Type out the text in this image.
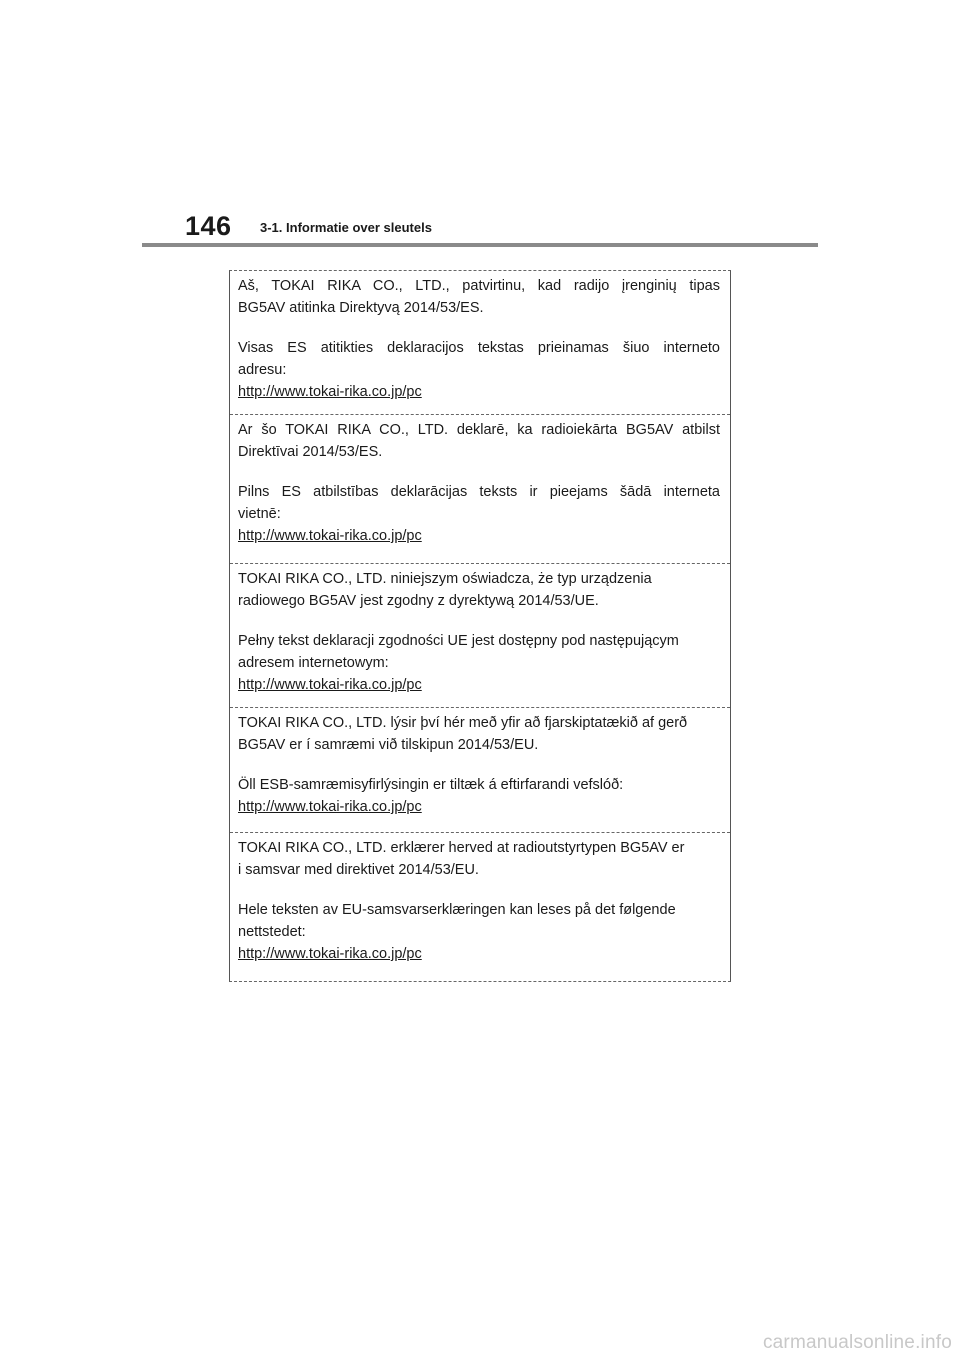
146 3-1. Informatie over sleutels

Aš, TOKAI RIKA CO., LTD., patvirtinu, kad radijo įrenginių tipas

BG5AV atitinka Direktyvą 2014/53/ES.

Visas ES atitikties deklaracijos tekstas prieinamas šiuo interneto

adresu:

http://www.tokai-rika.co.jp/pc

Ar šo TOKAI RIKA CO., LTD. deklarē, ka radioiekārta BG5AV atbilst

Direktīvai 2014/53/ES.

Pilns ES atbilstības deklarācijas teksts ir pieejams šādā interneta

vietnē:

http://www.tokai-rika.co.jp/pc

TOKAI RIKA CO., LTD. niniejszym oświadcza, że typ urządzenia

radiowego BG5AV jest zgodny z dyrektywą 2014/53/UE.

Pełny tekst deklaracji zgodności UE jest dostępny pod następującym

adresem internetowym:

http://www.tokai-rika.co.jp/pc

TOKAI RIKA CO., LTD. lýsir því hér með yfir að fjarskiptatækið af gerð

BG5AV er í samræmi við tilskipun 2014/53/EU.

Öll ESB-samræmisyfirlýsingin er tiltæk á eftirfarandi vefslóð:

http://www.tokai-rika.co.jp/pc

TOKAI RIKA CO., LTD. erklærer herved at radioutstyrtypen BG5AV er

i samsvar med direktivet 2014/53/EU.

Hele teksten av EU-samsvarserklæringen kan leses på det følgende

nettstedet:

http://www.tokai-rika.co.jp/pc

carmanualsonline.info
